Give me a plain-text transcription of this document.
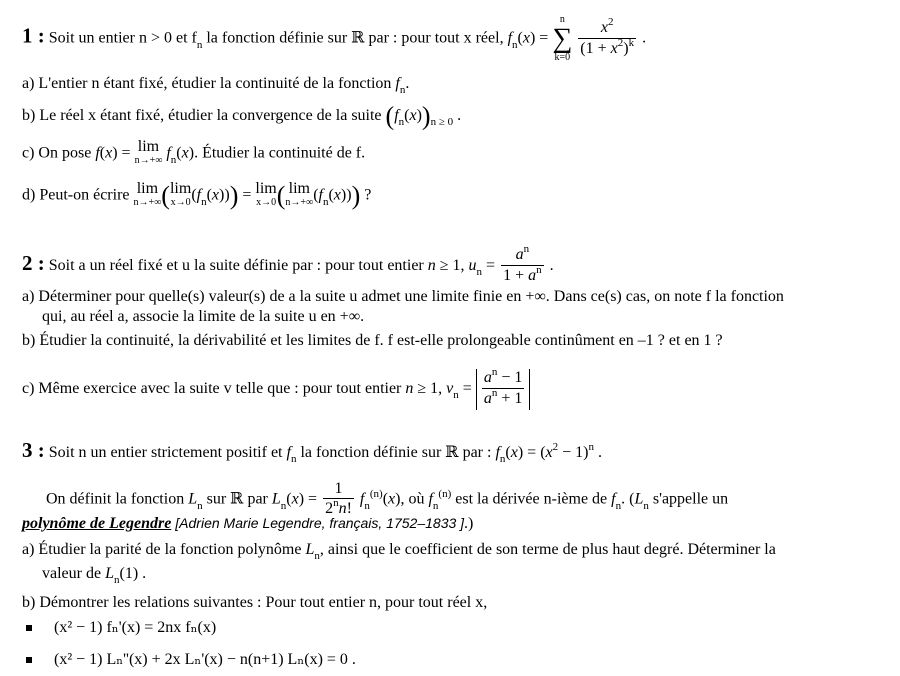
1 : Soit un entier n > 0 et $f_n$ la fonction définie sur ℝ par : pour tout x réel, $f_n(x)$ =
n
∑
k=0
$\frac{x^2}{(1 + x^2)^k}$ .
a) L'entier n étant fixé, étudier la continuité de la fonction $f_n$.
b) Le réel x étant fixé, étudier la convergence de la suite $(f_n(x))_{n \ge 0}$ .
c) On pose f(x) = lim
n→+∞ $f_n(x)$. Étudier la continuité de f.
d) Peut-on écrire lim
n→+∞ ( lim
x→0 $(f_n(x))) = \lim$
x→0 ( lim
n→+∞ $(f_n(x))$) ?
2 : Soit a un réel fixé et u la suite définie par : pour tout entier n ≥ 1, $u_n = \frac{a^n}{1 + a^n}$ .
a) Déterminer pour quelle(s) valeur(s) de a la suite u admet une limite finie en +∞. Dans ce(s) cas, on note f la fonction
qui, au réel a, associe la limite de la suite u en +∞.
b) Étudier la continuité, la dérivabilité et les limites de f. f est-elle prolongeable continûment en –1 ? et en 1 ?
c) Même exercice avec la suite v telle que : pour tout entier n ≥ 1, $v_n = \frac{a^n - 1}{a^n + 1}$
3 : Soit n un entier strictement positif et $f_n$ la fonction définie sur ℝ par : $f_n(x) = (x^2 - 1)^n$ .
On définit la fonction $L_n$ sur ℝ par $L_n(x) = \frac{1}{2^nn!} f_n^{(n)}(x)$, où $f_n^{(n)}$ est la dérivée n-ième de $f_n$. ($L_n$ s'appelle un
polynôme de Legendre [Adrien Marie Legendre, français, 1752–1833 ].)
a) Étudier la parité de la fonction polynôme $L_n$, ainsi que le coefficient de son terme de plus haut degré. Déterminer la
valeur de $L_n(1)$ .
b) Démontrer les relations suivantes : Pour tout entier n, pour tout réel x,
(x² − 1) fₙ'(x) = 2nx fₙ(x)
(x² − 1) Lₙ''(x) + 2x Lₙ'(x) − n(n+1) Lₙ(x) = 0 .
